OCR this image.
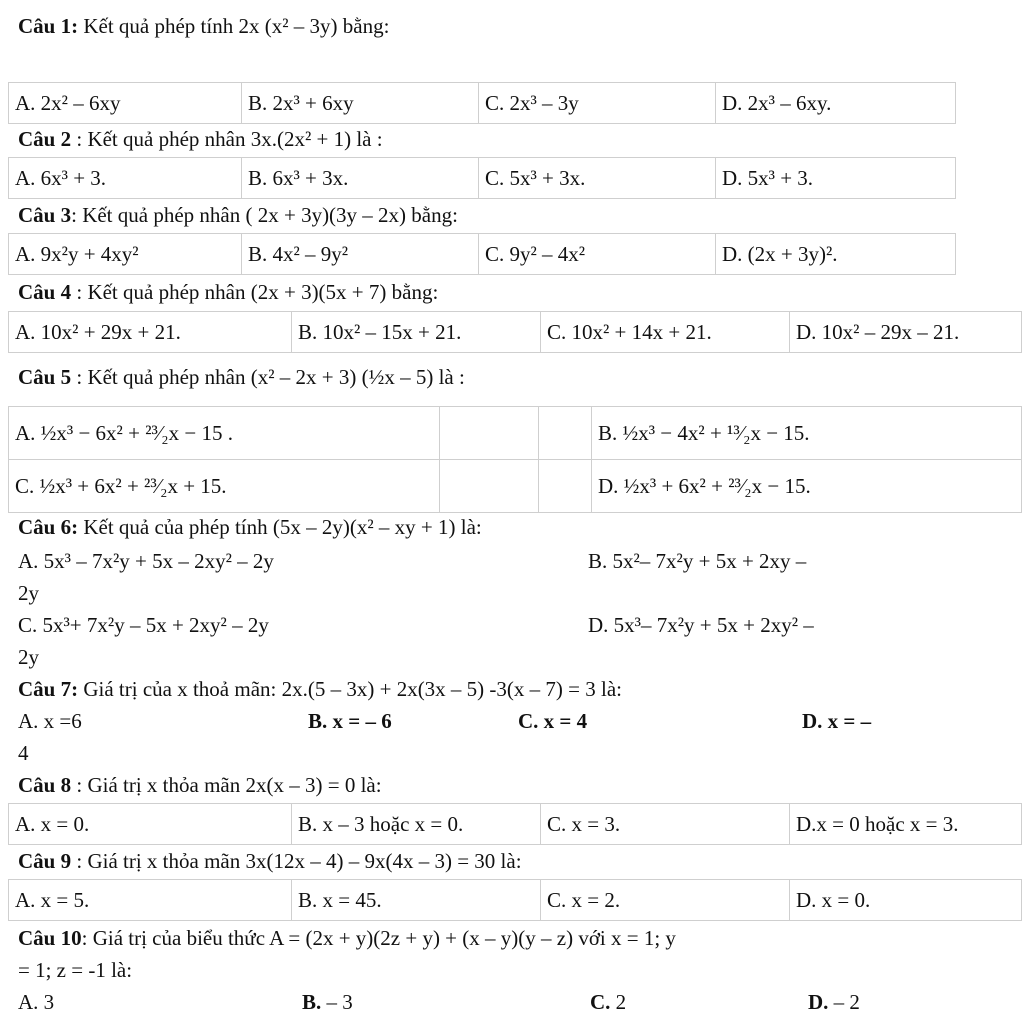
Câu 1: Kết quả phép tính 2x (x² – 3y) bằng:
A. 2x² – 6xy	B. 2x³ + 6xy	C. 2x³ – 3y	D. 2x³ – 6xy.
Câu 2 : Kết quả phép nhân 3x.(2x² + 1) là :
A. 6x³ + 3.	B. 6x³ + 3x.	C. 5x³ + 3x.	D. 5x³ + 3.
Câu 3: Kết quả phép nhân ( 2x + 3y)(3y – 2x) bằng:
A. 9x²y + 4xy²	B. 4x² – 9y²	C. 9y² – 4x²	D. (2x + 3y)².
Câu 4 : Kết quả phép nhân (2x + 3)(5x + 7) bằng:
A. 10x² + 29x + 21.	B. 10x² – 15x + 21.	C. 10x² + 14x + 21.	D. 10x² – 29x – 21.
Câu 5 : Kết quả phép nhân (x² – 2x + 3) (½x – 5) là :
A. ½x³ − 6x² + ²³⁄₂x − 15 .			B. ½x³ − 4x² + ¹³⁄₂x − 15.
C. ½x³ + 6x² + ²³⁄₂x + 15.			D. ½x³ + 6x² + ²³⁄₂x − 15.
Câu 6: Kết quả của phép tính (5x – 2y)(x² – xy + 1) là:
A. 5x³ – 7x²y + 5x – 2xy² – 2y	B. 5x²– 7x²y + 5x + 2xy –
2y
C. 5x³+ 7x²y – 5x + 2xy² – 2y	D. 5x³– 7x²y + 5x + 2xy² –
2y
Câu 7: Giá trị của x thoả mãn: 2x.(5 – 3x) + 2x(3x – 5) -3(x – 7) = 3 là:
A. x =6	B. x = – 6	C. x = 4	D. x = –
4
Câu 8 : Giá trị x thỏa mãn 2x(x – 3) = 0 là:
A. x = 0.	B. x – 3 hoặc x = 0.	C. x = 3.	D.x = 0 hoặc x = 3.
Câu 9 : Giá trị x thỏa mãn 3x(12x – 4) – 9x(4x – 3) = 30 là:
A. x = 5.	B. x = 45.	C. x = 2.	D. x = 0.
Câu 10: Giá trị của biểu thức A = (2x + y)(2z + y) + (x – y)(y – z) với x = 1; y
= 1; z = -1 là:
A. 3	B. – 3	C. 2	D. – 2
